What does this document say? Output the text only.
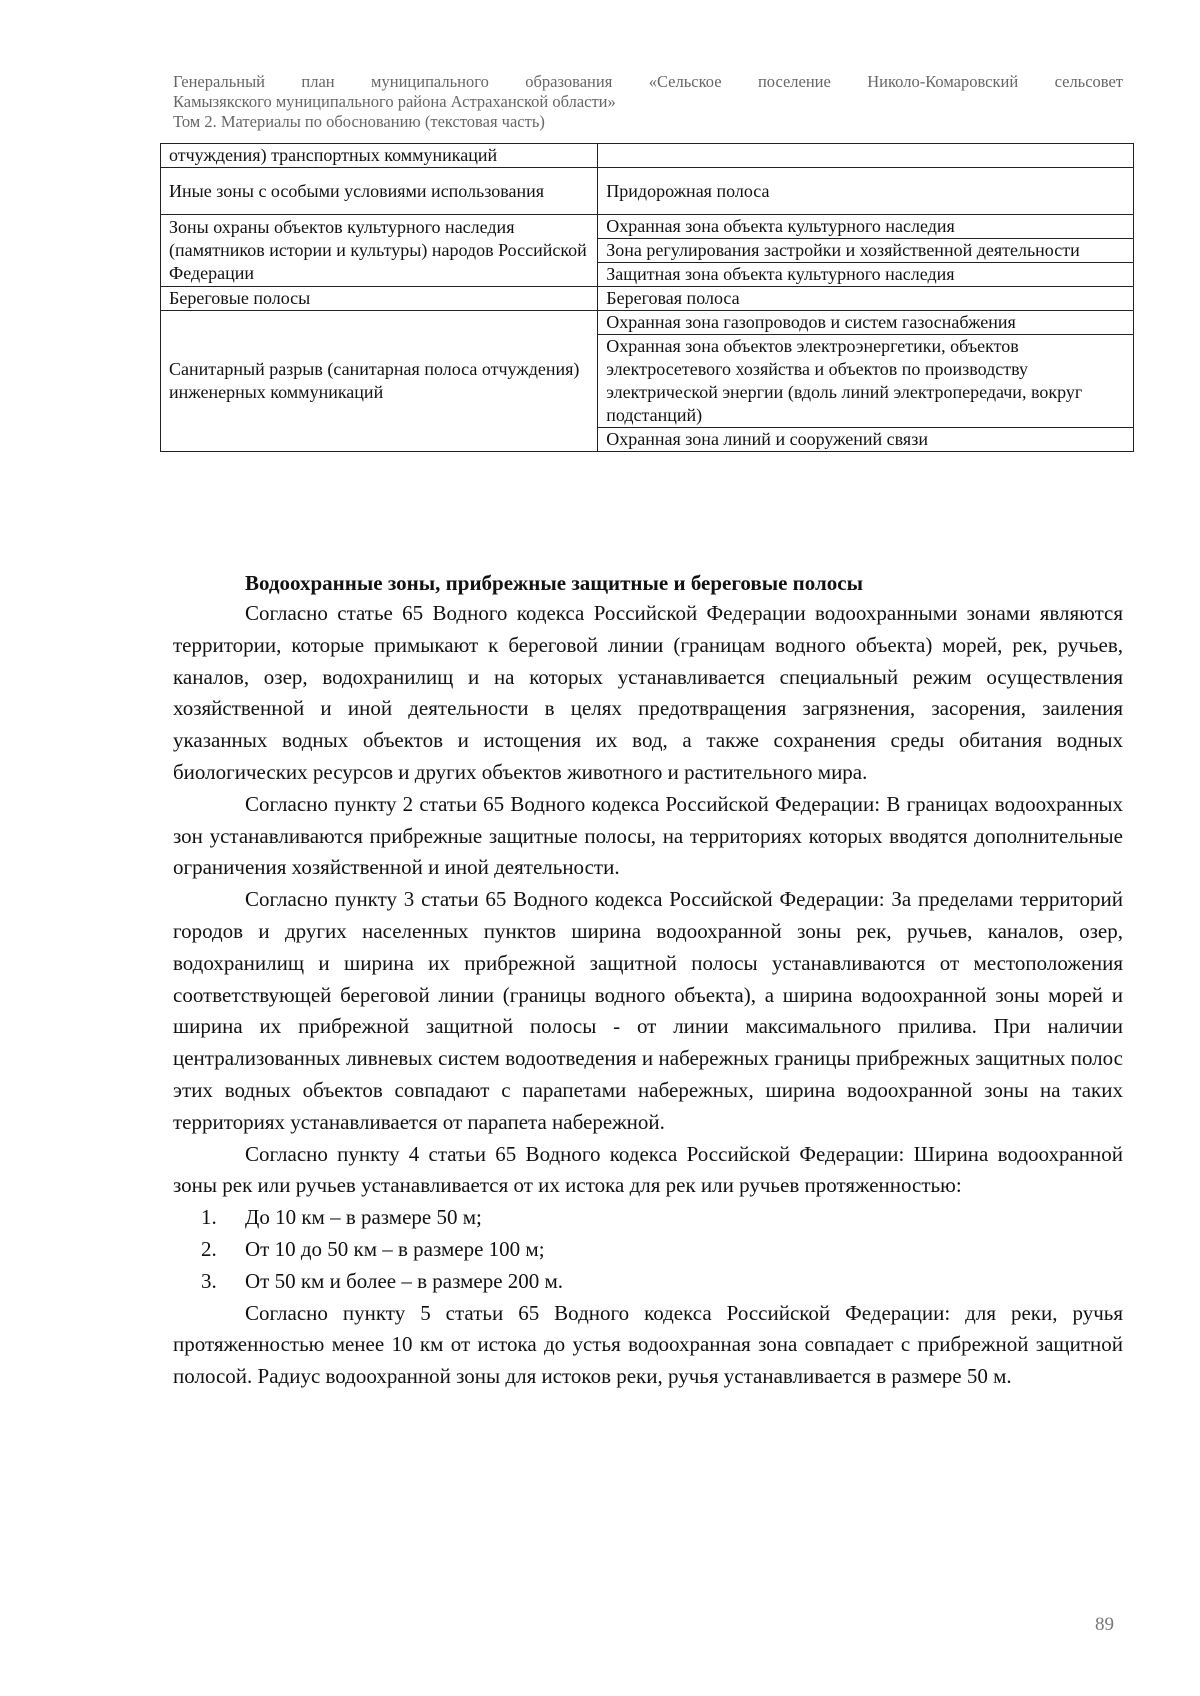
Генеральный план муниципального образования «Сельское поселение Николо-Комаровский сельсовет
Камызякского муниципального района Астраханской области»
Том 2. Материалы по обоснованию (текстовая часть)
отчуждения) транспортных коммуникаций	
Иные зоны с особыми условиями использования	Придорожная полоса
Зоны охраны объектов культурного наследия (памятников истории и культуры) народов Российской Федерации	Охранная зона объекта культурного наследия
	Зона регулирования застройки и хозяйственной деятельности
	Защитная зона объекта культурного наследия
Береговые полосы	Береговая полоса
Санитарный разрыв (санитарная полоса отчуждения) инженерных коммуникаций	Охранная зона газопроводов и систем газоснабжения
	Охранная зона объектов электроэнергетики, объектов электросетевого хозяйства и объектов по производству электрической энергии (вдоль линий электропередачи, вокруг подстанций)
	Охранная зона линий и сооружений связи
Водоохранные зоны, прибрежные защитные и береговые полосы

Согласно статье 65 Водного кодекса Российской Федерации водоохранными зонами являются территории, которые примыкают к береговой линии (границам водного объекта) морей, рек, ручьев, каналов, озер, водохранилищ и на которых устанавливается специальный режим осуществления хозяйственной и иной деятельности в целях предотвращения загрязнения, засорения, заиления указанных водных объектов и истощения их вод, а также сохранения среды обитания водных биологических ресурсов и других объектов животного и растительного мира.

Согласно пункту 2 статьи 65 Водного кодекса Российской Федерации: В границах водоохранных зон устанавливаются прибрежные защитные полосы, на территориях которых вводятся дополнительные ограничения хозяйственной и иной деятельности.

Согласно пункту 3 статьи 65 Водного кодекса Российской Федерации: За пределами территорий городов и других населенных пунктов ширина водоохранной зоны рек, ручьев, каналов, озер, водохранилищ и ширина их прибрежной защитной полосы устанавливаются от местоположения соответствующей береговой линии (границы водного объекта), а ширина водоохранной зоны морей и ширина их прибрежной защитной полосы - от линии максимального прилива. При наличии централизованных ливневых систем водоотведения и набережных границы прибрежных защитных полос этих водных объектов совпадают с парапетами набережных, ширина водоохранной зоны на таких территориях устанавливается от парапета набережной.

Согласно пункту 4 статьи 65 Водного кодекса Российской Федерации: Ширина водоохранной зоны рек или ручьев устанавливается от их истока для рек или ручьев протяженностью:

1. До 10 км – в размере 50 м;
2. От 10 до 50 км – в размере 100 м;
3. От 50 км и более – в размере 200 м.

Согласно пункту 5 статьи 65 Водного кодекса Российской Федерации: для реки, ручья протяженностью менее 10 км от истока до устья водоохранная зона совпадает с прибрежной защитной полосой. Радиус водоохранной зоны для истоков реки, ручья устанавливается в размере 50 м.

89
